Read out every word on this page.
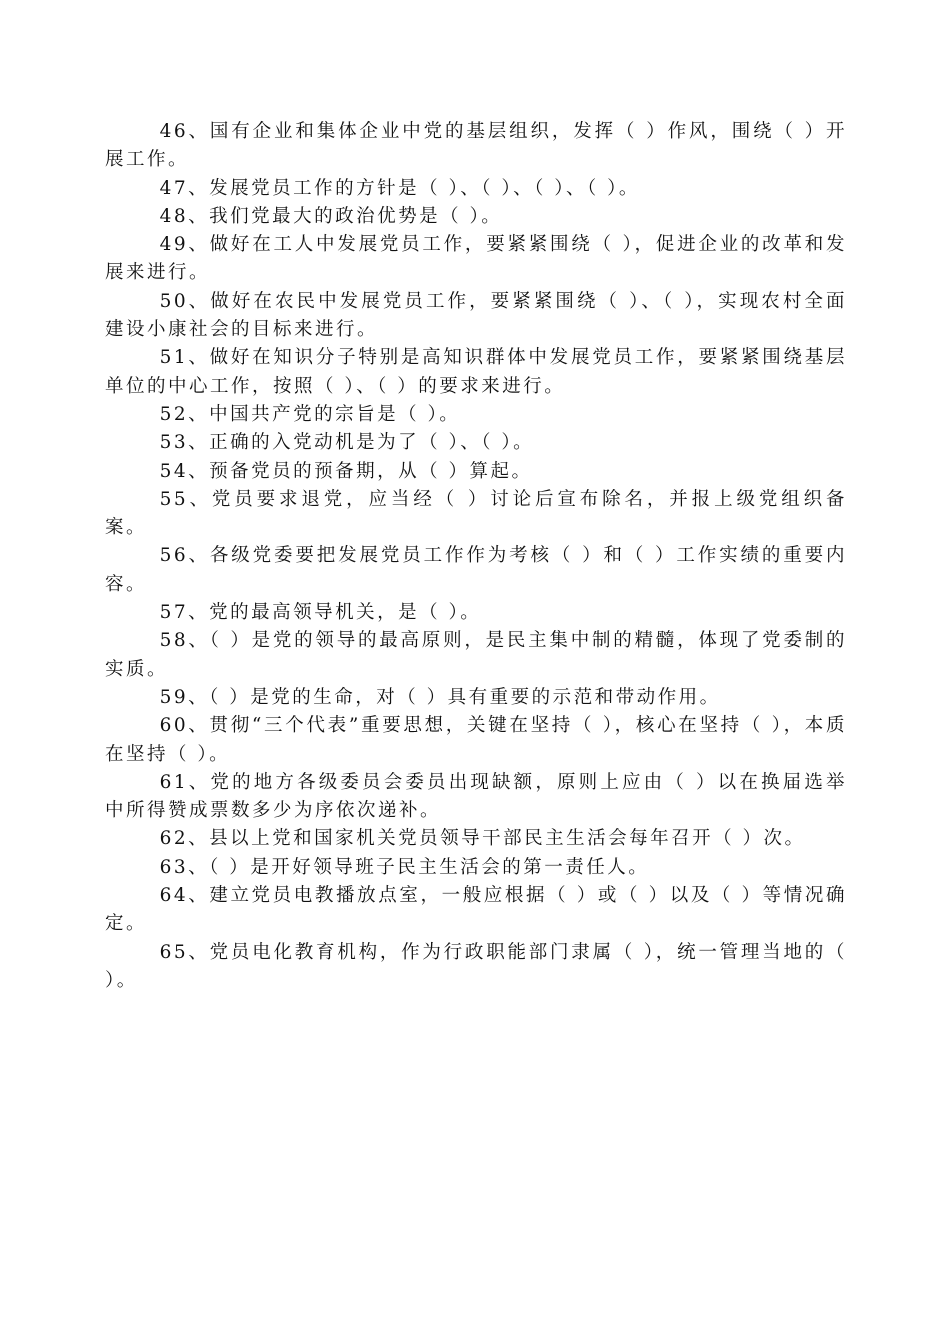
46、国有企业和集体企业中党的基层组织，发挥（ ）作风，围绕（ ）开展工作。

47、发展党员工作的方针是（ ）、（ ）、（ ）、（ ）。

48、我们党最大的政治优势是（ ）。

49、做好在工人中发展党员工作，要紧紧围绕（ ），促进企业的改革和发展来进行。

50、做好在农民中发展党员工作，要紧紧围绕（ ）、（ ），实现农村全面建设小康社会的目标来进行。

51、做好在知识分子特别是高知识群体中发展党员工作，要紧紧围绕基层单位的中心工作，按照（ ）、（ ）的要求来进行。

52、中国共产党的宗旨是（ ）。

53、正确的入党动机是为了（ ）、（ ）。

54、预备党员的预备期，从（ ）算起。

55、党员要求退党，应当经（ ）讨论后宣布除名，并报上级党组织备案。

56、各级党委要把发展党员工作作为考核（ ）和（ ）工作实绩的重要内容。

57、党的最高领导机关，是（ ）。

58、（ ）是党的领导的最高原则，是民主集中制的精髓，体现了党委制的实质。

59、（ ）是党的生命，对（ ）具有重要的示范和带动作用。

60、贯彻“三个代表”重要思想，关键在坚持（ ），核心在坚持（ ），本质在坚持（ ）。

61、党的地方各级委员会委员出现缺额，原则上应由（ ）以在换届选举中所得赞成票数多少为序依次递补。

62、县以上党和国家机关党员领导干部民主生活会每年召开（ ）次。

63、（ ）是开好领导班子民主生活会的第一责任人。

64、建立党员电教播放点室，一般应根据（ ）或（ ）以及（ ）等情况确定。

65、党员电化教育机构，作为行政职能部门隶属（ ），统一管理当地的（ ）。
